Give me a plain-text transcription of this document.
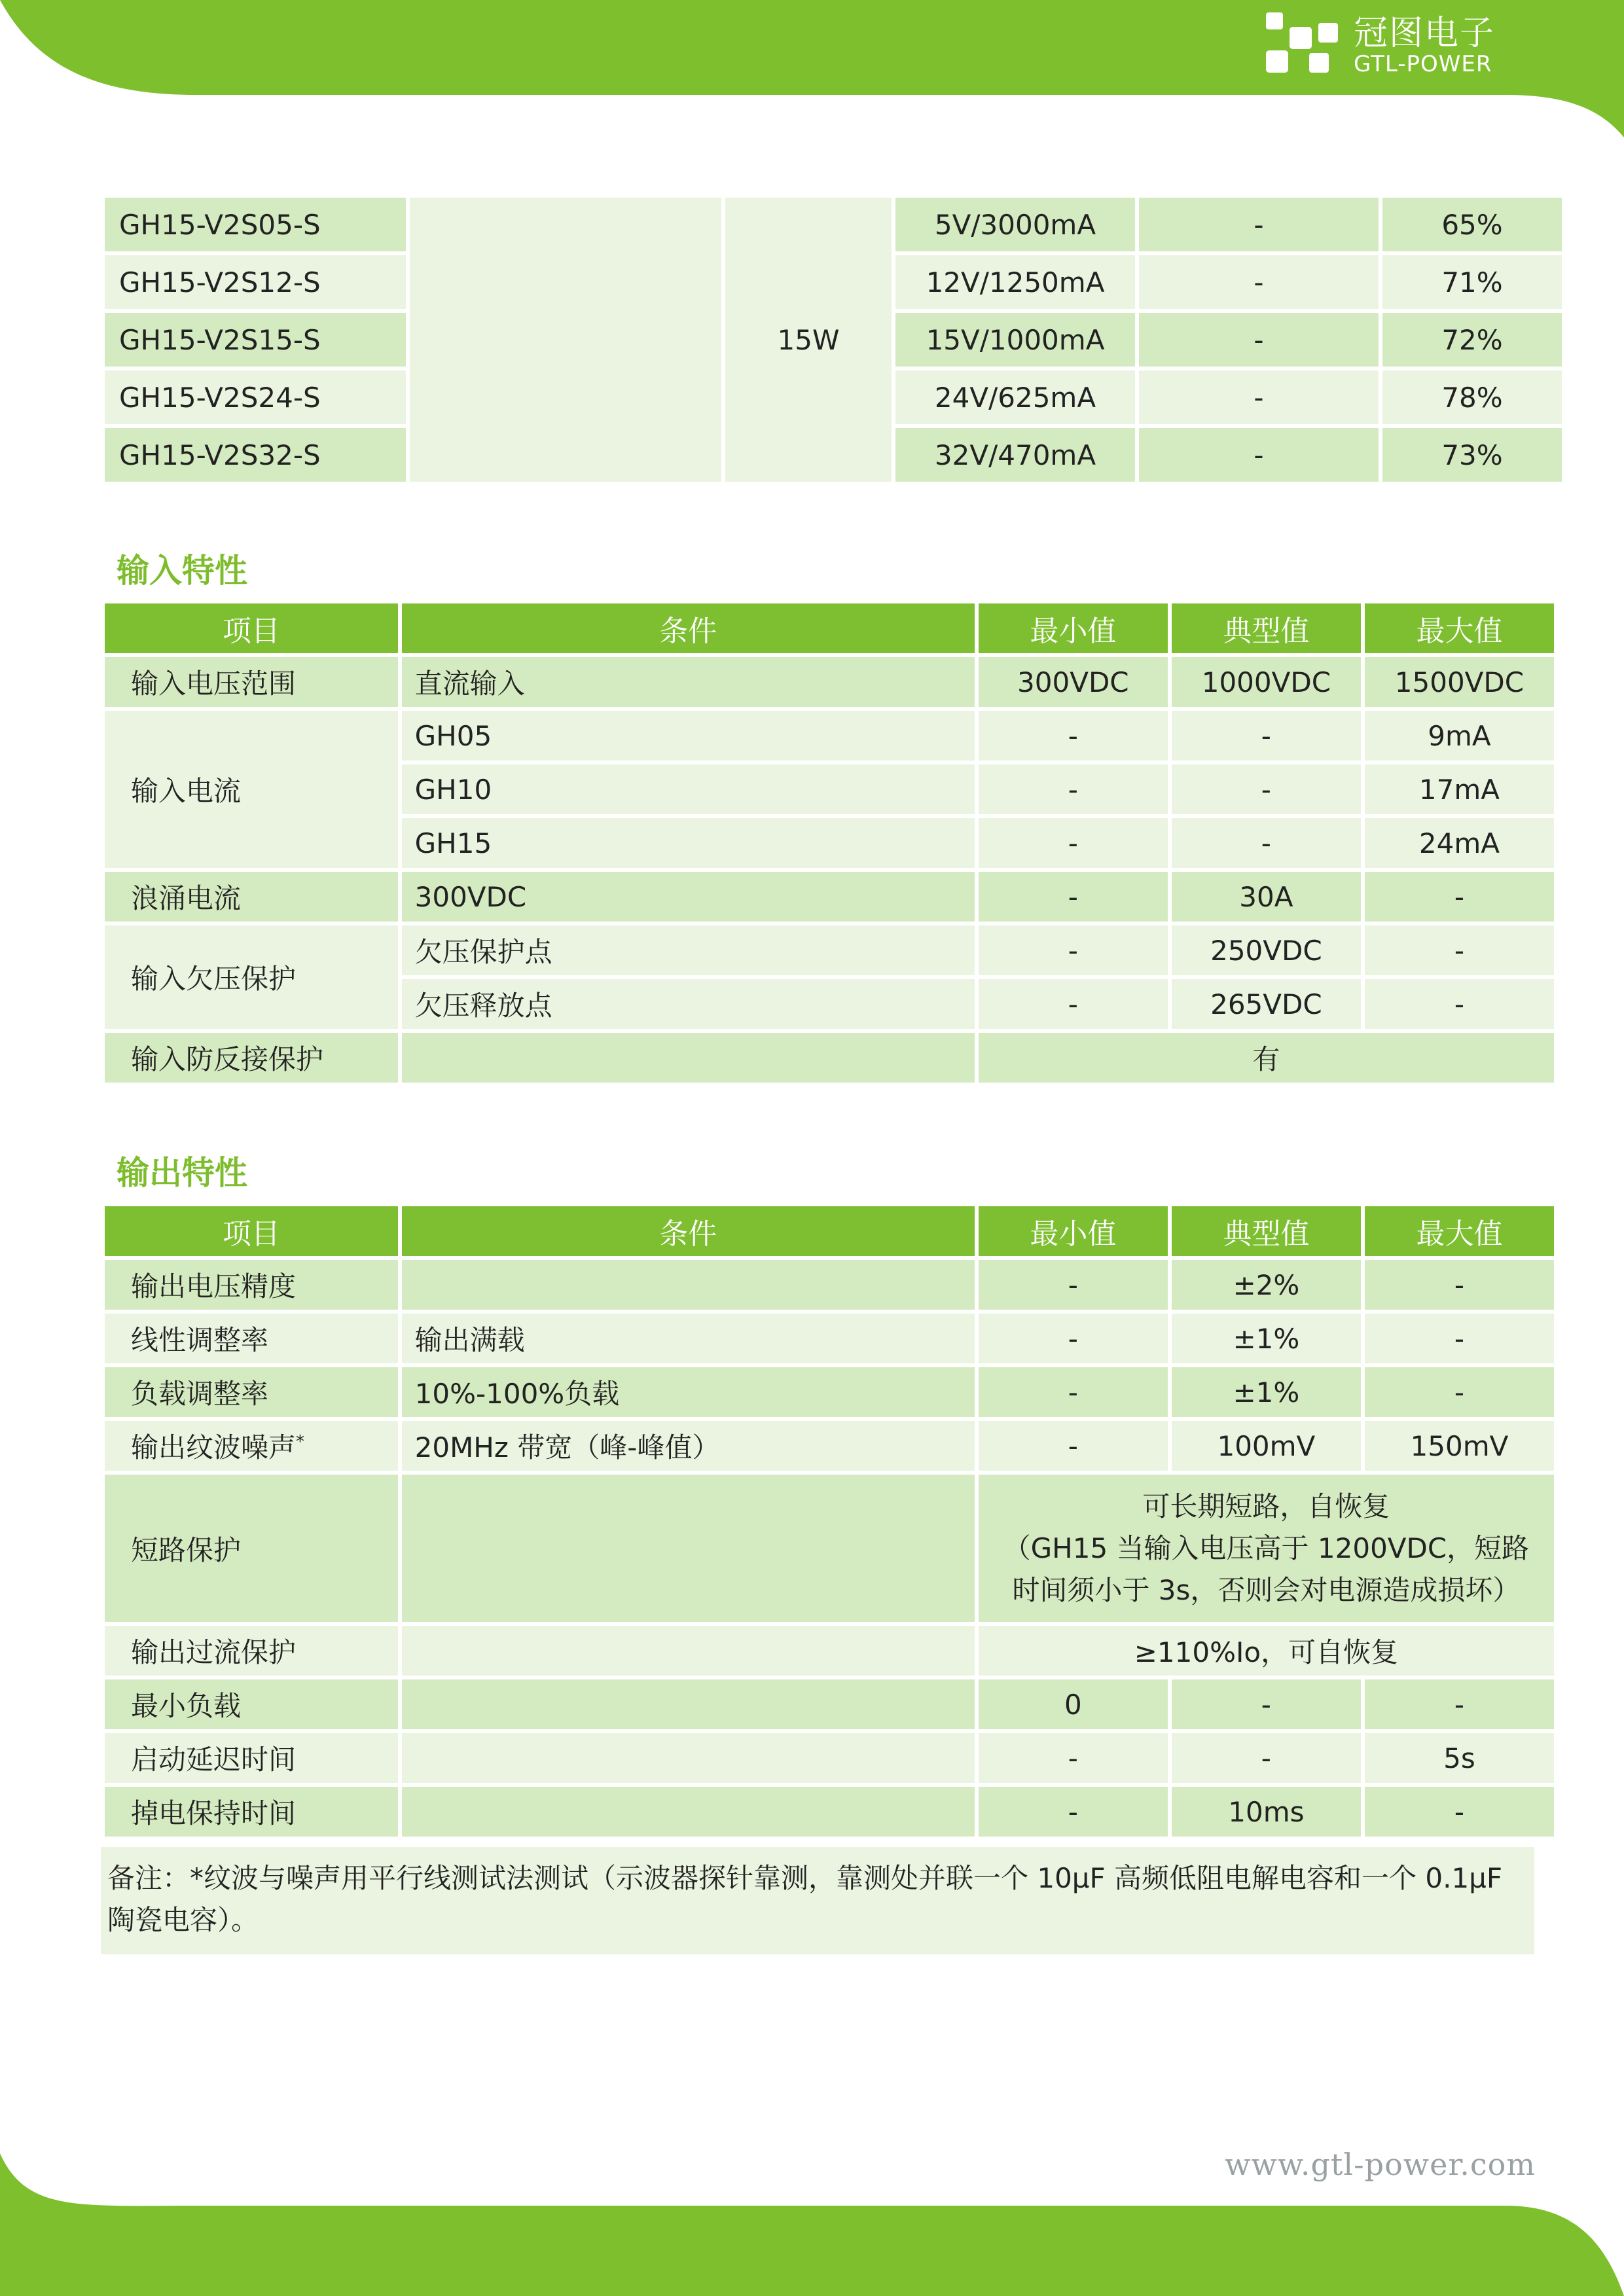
冠图电子
GTL-POWER
GH15-V2S05-S		15W	5V/3000mA	-	65%
GH15-V2S12-S			12V/1250mA	-	71%
GH15-V2S15-S			15V/1000mA	-	72%
GH15-V2S24-S			24V/625mA	-	78%
GH15-V2S32-S			32V/470mA	-	73%
输入特性
项目	条件	最小值	典型值	最大值
输入电压范围	直流输入	300VDC	1000VDC	1500VDC
输入电流	GH05	-	-	9mA
	GH10	-	-	17mA
	GH15	-	-	24mA
浪涌电流	300VDC	-	30A	-
输入欠压保护	欠压保护点	-	250VDC	-
	欠压释放点	-	265VDC	-
输入防反接保护		有		
输出特性
项目	条件	最小值	典型值	最大值
输出电压精度		-	±2%	-
线性调整率	输出满载	-	±1%	-
负载调整率	10%-100%负载	-	±1%	-
输出纹波噪声*	20MHz 带宽（峰-峰值）	-	100mV	150mV
短路保护		可长期短路，自恢复
（GH15 当输入电压高于 1200VDC，短路
时间须小于 3s，否则会对电源造成损坏）		

输出过流保护		≥110%Io，可自恢复		
最小负载		0	-	-
启动延迟时间		-	-	5s
掉电保持时间		-	10ms	-
备注：*纹波与噪声用平行线测试法测试（示波器探针靠测，靠测处并联一个 10μF 高频低阻电解电容和一个 0.1μF
陶瓷电容）。
www.gtl-power.com
